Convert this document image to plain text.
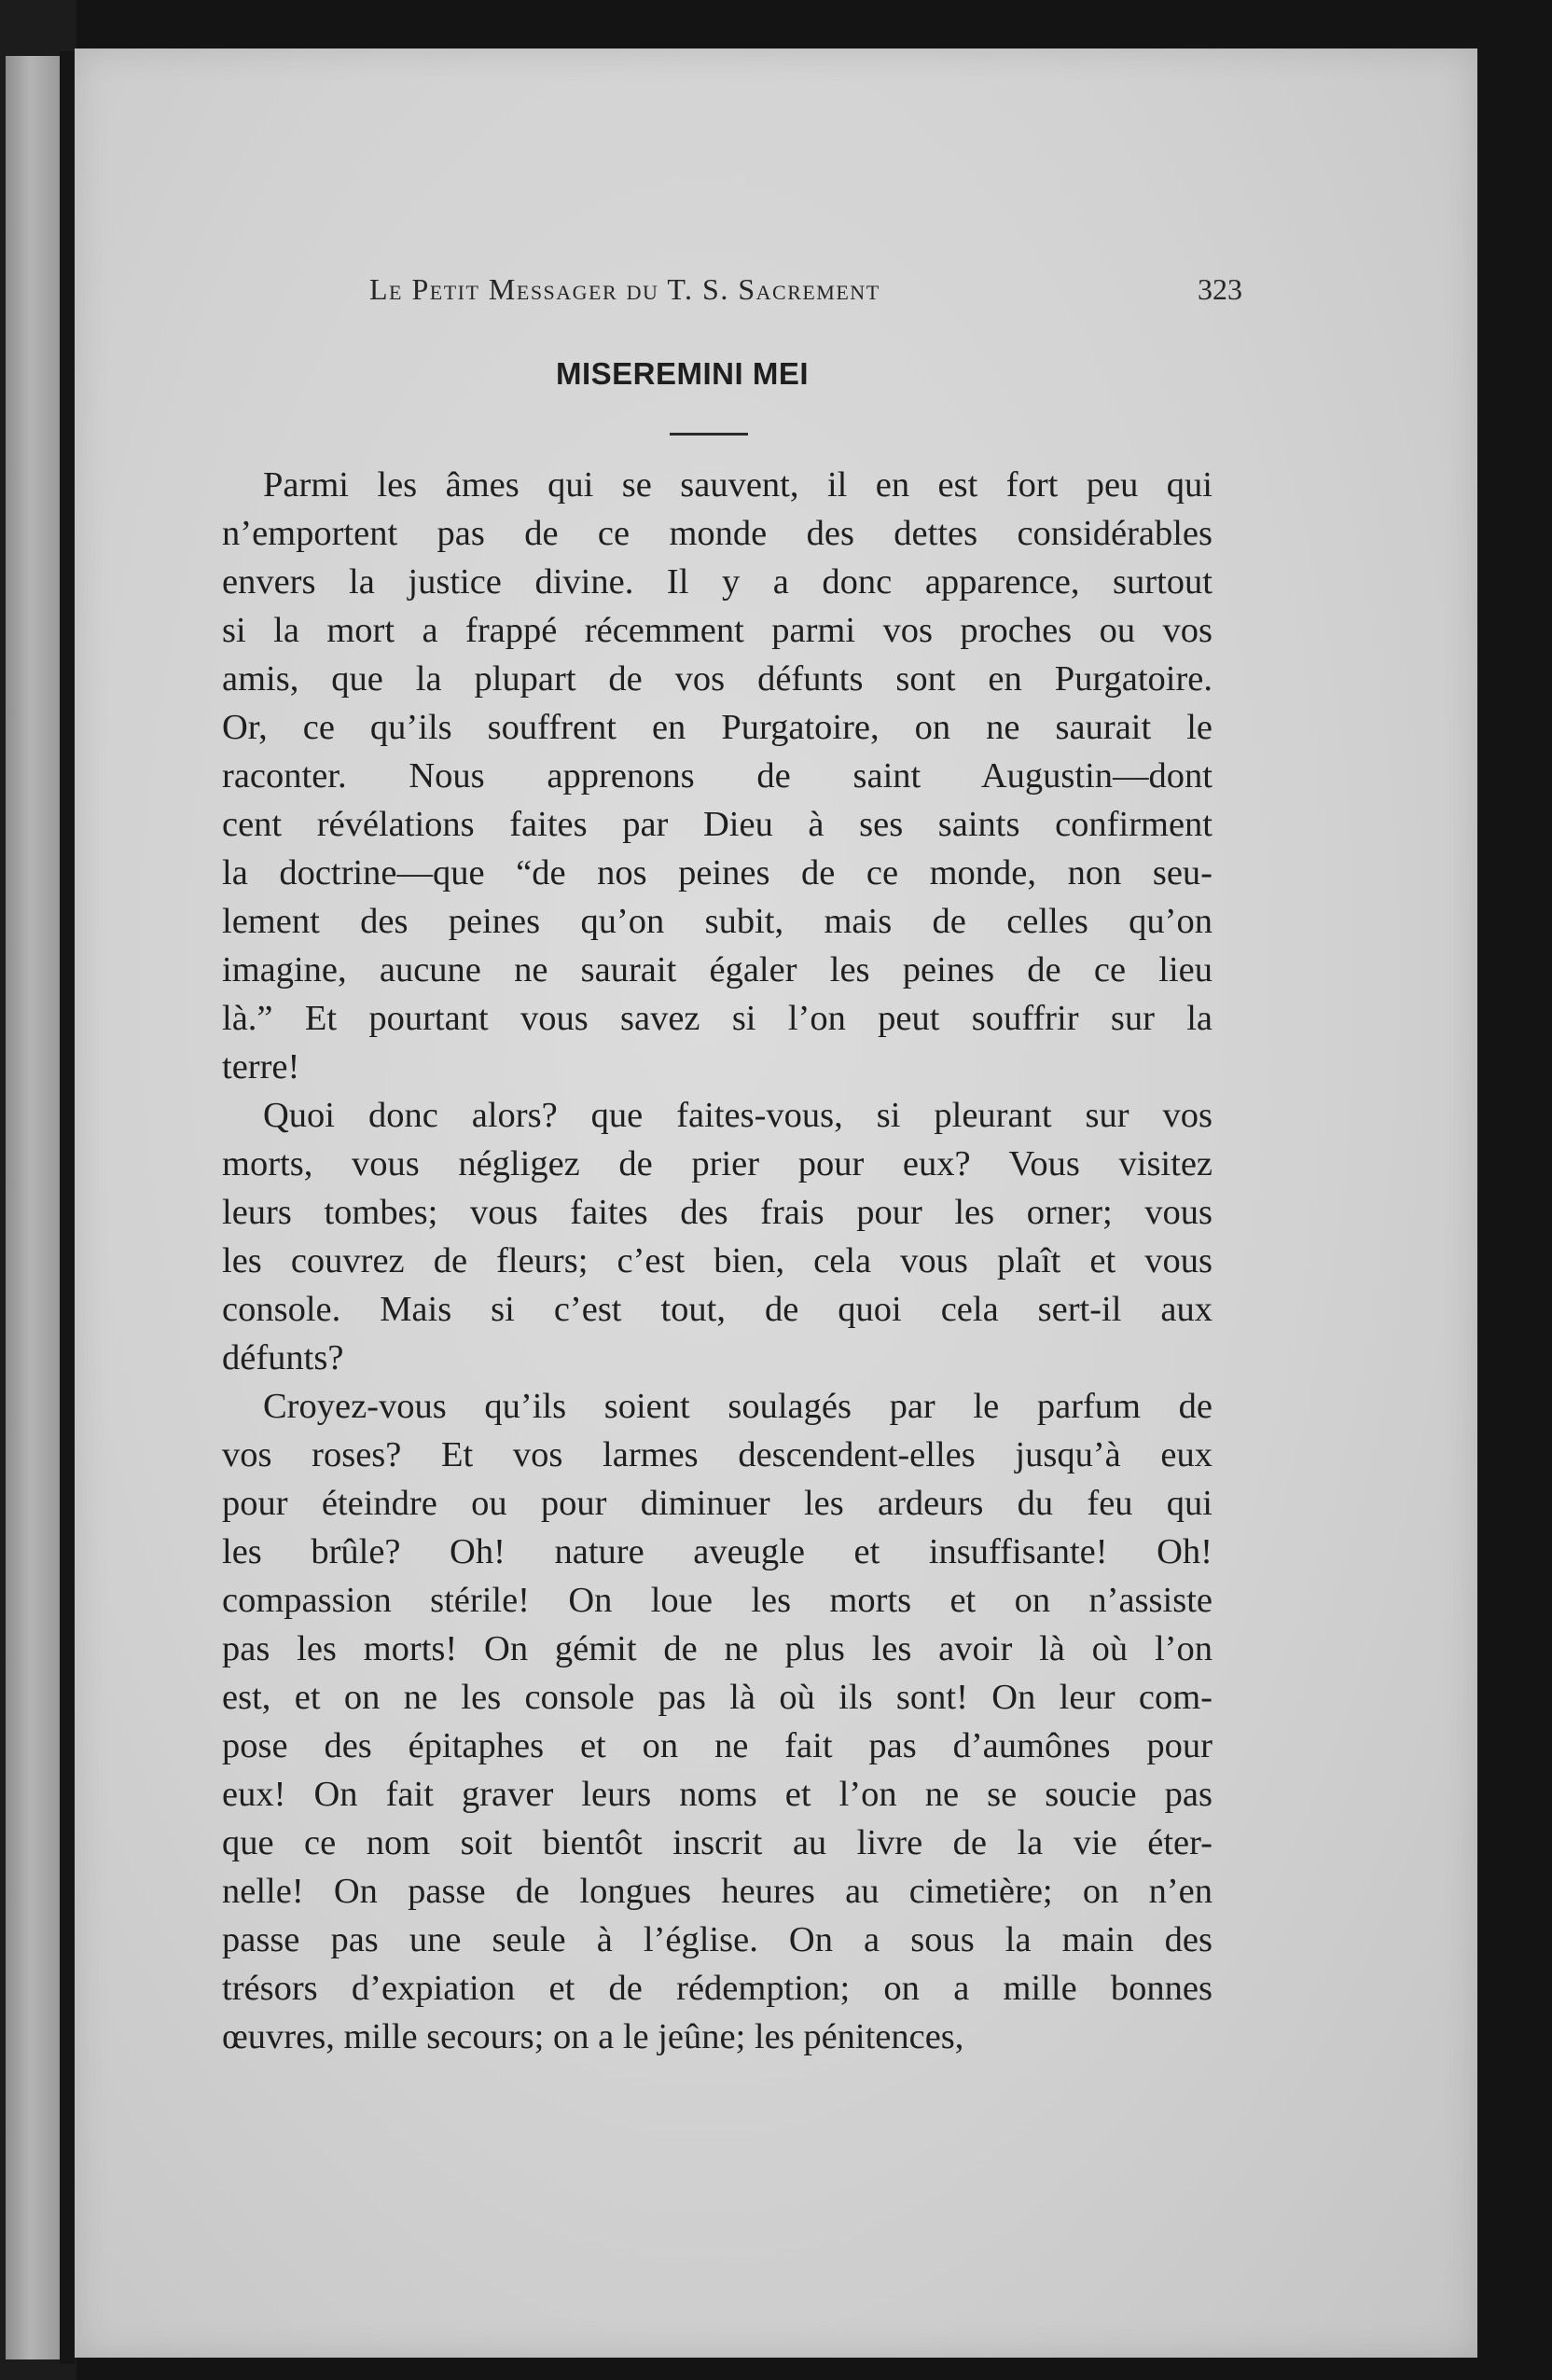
Le Petit Messager du T. S. Sacrement	323
MISEREMINI MEI
Parmi les âmes qui se sauvent, il en est fort peu qui
n’emportent pas de ce monde des dettes considérables
envers la justice divine. Il y a donc apparence, surtout
si la mort a frappé récemment parmi vos proches ou vos
amis, que la plupart de vos défunts sont en Purgatoire.
Or, ce qu’ils souffrent en Purgatoire, on ne saurait le
raconter. Nous apprenons de saint Augustin—dont
cent révélations faites par Dieu à ses saints confirment
la doctrine—que “de nos peines de ce monde, non seu-
lement des peines qu’on subit, mais de celles qu’on
imagine, aucune ne saurait égaler les peines de ce lieu
là.” Et pourtant vous savez si l’on peut souffrir sur la
terre!
Quoi donc alors? que faites-vous, si pleurant sur vos
morts, vous négligez de prier pour eux? Vous visitez
leurs tombes; vous faites des frais pour les orner; vous
les couvrez de fleurs; c’est bien, cela vous plaît et vous
console. Mais si c’est tout, de quoi cela sert-il aux
défunts?
Croyez-vous qu’ils soient soulagés par le parfum de
vos roses? Et vos larmes descendent-elles jusqu’à eux
pour éteindre ou pour diminuer les ardeurs du feu qui
les brûle? Oh! nature aveugle et insuffisante! Oh!
compassion stérile! On loue les morts et on n’assiste
pas les morts! On gémit de ne plus les avoir là où l’on
est, et on ne les console pas là où ils sont! On leur com-
pose des épitaphes et on ne fait pas d’aumônes pour
eux! On fait graver leurs noms et l’on ne se soucie pas
que ce nom soit bientôt inscrit au livre de la vie éter-
nelle! On passe de longues heures au cimetière; on n’en
passe pas une seule à l’église. On a sous la main des
trésors d’expiation et de rédemption; on a mille bonnes
œuvres, mille secours; on a le jeûne; les pénitences,
